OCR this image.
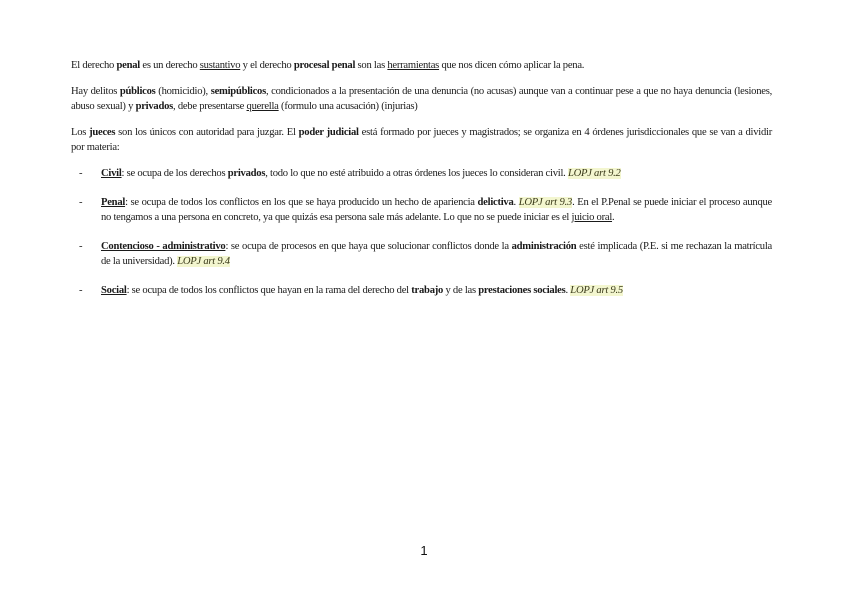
El derecho penal es un derecho sustantivo y el derecho procesal penal son las herramientas que nos dicen cómo aplicar la pena.

Hay delitos públicos (homicidio), semipúblicos, condicionados a la presentación de una denuncia (no acusas) aunque van a continuar pese a que no haya denuncia (lesiones, abuso sexual) y privados, debe presentarse querella (formulo una acusación) (injurias)

Los jueces son los únicos con autoridad para juzgar. El poder judicial está formado por jueces y magistrados; se organiza en 4 órdenes jurisdiccionales que se van a dividir por materia:

- Civil: se ocupa de los derechos privados, todo lo que no esté atribuido a otras órdenes los jueces lo consideran civil. LOPJ art 9.2
- Penal: se ocupa de todos los conflictos en los que se haya producido un hecho de apariencia delictiva. LOPJ art 9.3. En el P.Penal se puede iniciar el proceso aunque no tengamos a una persona en concreto, ya que quizás esa persona sale más adelante. Lo que no se puede iniciar es el juicio oral.
- Contencioso - administrativo: se ocupa de procesos en que haya que solucionar conflictos donde la administración esté implicada (P.E. si me rechazan la matrícula de la universidad). LOPJ art 9.4
- Social: se ocupa de todos los conflictos que hayan en la rama del derecho del trabajo y de las prestaciones sociales. LOPJ art 9.5
1
